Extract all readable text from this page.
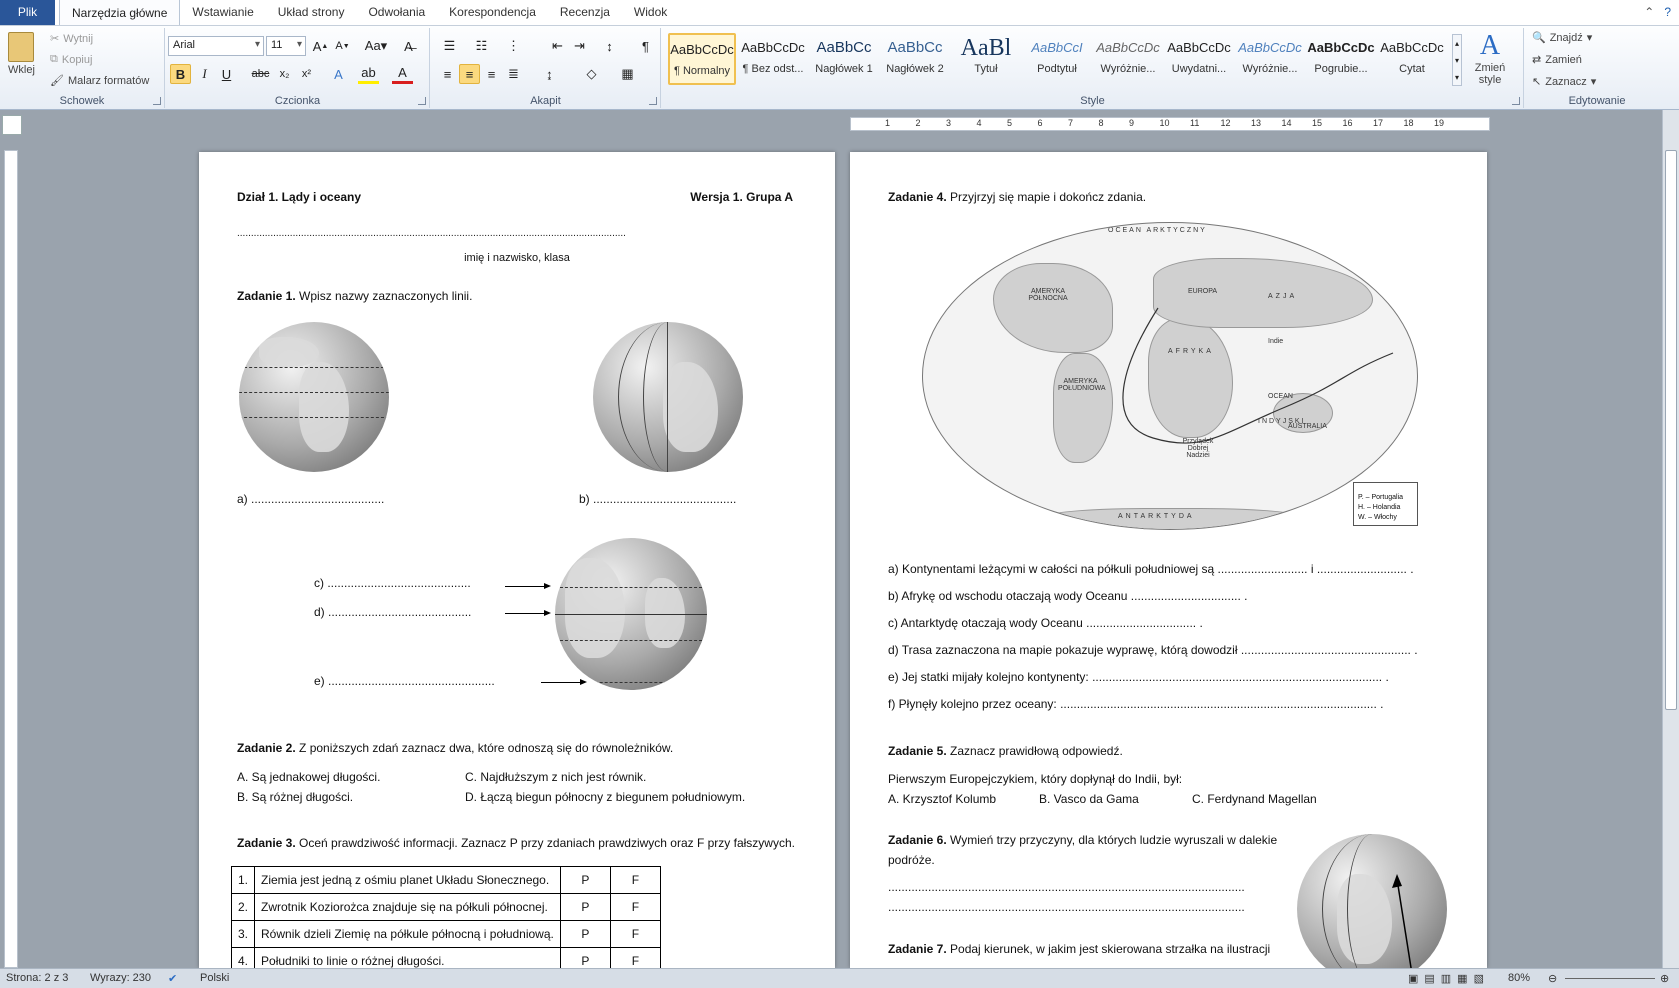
Plik	Narzędzia główne	Wstawianie	Układ strony	Odwołania	Korespondencja	Recenzja	Widok	⌃ ?
Wklej
✂ Wytnij
⧉ Kopiuj
🖌 Malarz formatów
Schowek
Arial ▾	11 ▾	A ▲ A ▼ Aa▾	A̶
B	I	U	abc x₂	x²	A	ab	A
Czcionka
☰	☷	⋮	⇤ ⇥	↕	¶
≡	≡	≡ ≣	↨	◇	▦
Akapit
AaBbCcDc
¶ Normalny
AaBbCcDc
¶ Bez odst...
AaBbCc
Nagłówek 1
AaBbCc
Nagłówek 2
AaBl
Tytuł
AaBbCcI
Podtytuł
AaBbCcDc
Wyróżnie...
AaBbCcDc
Uwydatni...
AaBbCcDc
Wyróżnie...
AaBbCcDc
Pogrubie...
AaBbCcDc
Cytat
▴
▾
▾
A
Zmień style
Style
🔍 Znajdź ▾
⇄ Zamień
↖ Zaznacz ▾
Edytowanie
1	2	3	4	5	6	7	8	9	10 11 12 13 14 15 16 17 18 19
Dział 1. Lądy i oceany	Wersja 1. Grupa A
............................................................................................................................................
imię i nazwisko, klasa
Zadanie 1. Wpisz nazwy zaznaczonych linii.
a) ........................................	b) ...........................................
c) ...........................................
d) ...........................................
e) ..................................................
Zadanie 2. Z poniższych zdań zaznacz dwa, które odnoszą się do równoleżników.
A. Są jednakowej długości.
B. Są różnej długości.
C. Najdłuższym z nich jest równik.
D. Łączą biegun północny z biegunem południowym.
Zadanie 3. Oceń prawdziwość informacji. Zaznacz P przy zdaniach prawdziwych oraz F przy fałszywych.
1.	Ziemia jest jedną z ośmiu planet Układu Słonecznego.	P	F
2.	Zwrotnik Koziorożca znajduje się na półkuli północnej.	P	F
3.	Równik dzieli Ziemię na półkule północną i południową.	P	F
4.	Południki to linie o różnej długości.	P	F
Zadanie 4. Przyjrzyj się mapie i dokończ zdania.
OCEAN ARKTYCZNY
AMERYKA PÓŁNOCNA
EUROPA
AZJA
AFRYKA
AMERYKA POŁUDNIOWA
AUSTRALIA
ANTARKTYDA
OCEAN
INDYJSKI
Indie
Przylądek Dobrej Nadziei
P. – Portugalia
H. – Holandia
W. – Włochy
a) Kontynentami leżącymi w całości na półkuli południowej są ........................... i ........................... .
b) Afrykę od wschodu otaczają wody Oceanu ................................. .
c) Antarktydę otaczają wody Oceanu ................................. .
d) Trasa zaznaczona na mapie pokazuje wyprawę, którą dowodził ................................................... .
e) Jej statki mijały kolejno kontynenty: ....................................................................................... .
f) Płynęły kolejno przez oceany: ............................................................................................... .
Zadanie 5. Zaznacz prawidłową odpowiedź.
Pierwszym Europejczykiem, który dopłynął do Indii, był:
A. Krzysztof Kolumb	B. Vasco da Gama	C. Ferdynand Magellan
Zadanie 6. Wymień trzy przyczyny, dla których ludzie wyruszali w dalekie
podróże.
...........................................................................................................
...........................................................................................................
Zadanie 7. Podaj kierunek, w jakim jest skierowana strzałka na ilustracji
Strona: 2 z 3 Wyrazy: 230 ✔ Polski	▣▤▥▦▧ 80% ⊖	⊕
